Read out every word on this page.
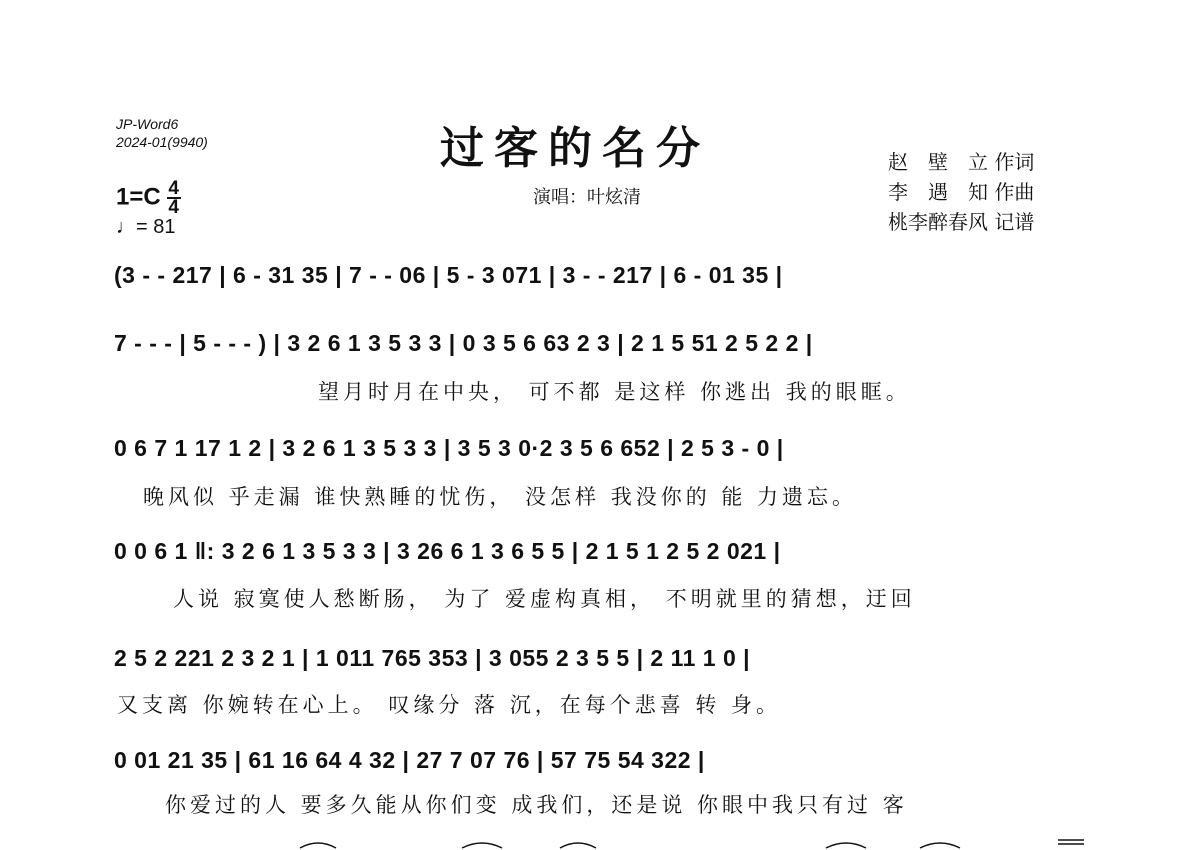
JP-Word6
2024-01(9940)	过客的名分
演唱：叶炫清
赵　壁　立 作词
李　遇　知 作曲
桃李醉春风 记谱
$1=C \frac{4}{4}$
♩= 81
(3 - - 217 | 6 - 31 35 | 7 - - 06 | 5 - 3 071 | 3 - - 217 | 6 - 01 35 |
7 - - - | 5 - - - ) | 3 2 6 1 3 5 3 3 | 0 3 5 6 63 2 3 | 2 1 5 51 2 5 2 2 |
望月时月在中央， 可不都 是这样 你逃出 我的眼眶。
0 6 7 1 17 1 2 | 3 2 6 1 3 5 3 3 | 3 5 3 0·2 3 5 6 652 | 2 5 3 - 0 |
晚风似 乎走漏 谁快熟睡的忧伤， 没怎样 我没你的 能 力遗忘。
0 0 6 1 ‖: 3 2 6 1 3 5 3 3 | 3 26 6 1 3 6 5 5 | 2 1 5 1 2 5 2 021 |
人说 寂寞使人愁断肠， 为了 爱虚构真相， 不明就里的猜想，迂回
2 5 2 221 2 3 2 1 | 1 011 765 353 | 3 055 2 3 5 5 | 2 11 1 0 |
又支离 你婉转在心上。 叹缘分 落 沉，在每个悲喜 转 身。
0 01 21 35 | 61 16 64 4 32 | 27 7 07 76 | 57 75 54 322 |
你爱过的人 要多久能从你们变 成我们，还是说 你眼中我只有过 客
